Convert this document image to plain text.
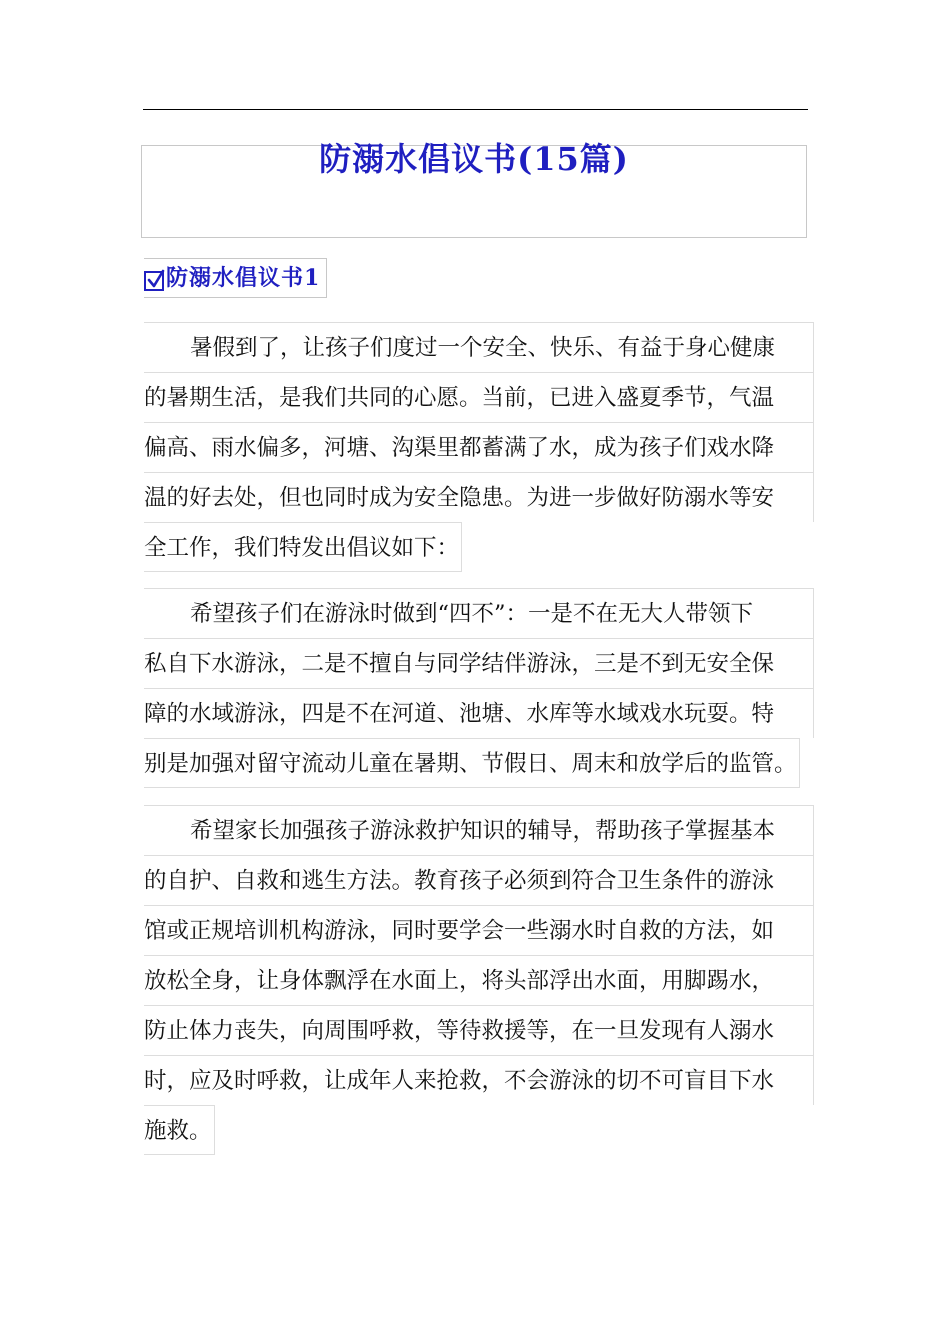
防溺水倡议书(15篇)
防溺水倡议书1
暑假到了，让孩子们度过一个安全、快乐、有益于身心健康
的暑期生活，是我们共同的心愿。当前，已进入盛夏季节，气温
偏高、雨水偏多，河塘、沟渠里都蓄满了水，成为孩子们戏水降
温的好去处，但也同时成为安全隐患。为进一步做好防溺水等安
全工作，我们特发出倡议如下：
希望孩子们在游泳时做到“四不”：一是不在无大人带领下
私自下水游泳，二是不擅自与同学结伴游泳，三是不到无安全保
障的水域游泳，四是不在河道、池塘、水库等水域戏水玩耍。特
别是加强对留守流动儿童在暑期、节假日、周末和放学后的监管。
希望家长加强孩子游泳救护知识的辅导，帮助孩子掌握基本
的自护、自救和逃生方法。教育孩子必须到符合卫生条件的游泳
馆或正规培训机构游泳，同时要学会一些溺水时自救的方法，如
放松全身，让身体飘浮在水面上，将头部浮出水面，用脚踢水，
防止体力丧失，向周围呼救，等待救援等，在一旦发现有人溺水
时，应及时呼救，让成年人来抢救，不会游泳的切不可盲目下水
施救。
